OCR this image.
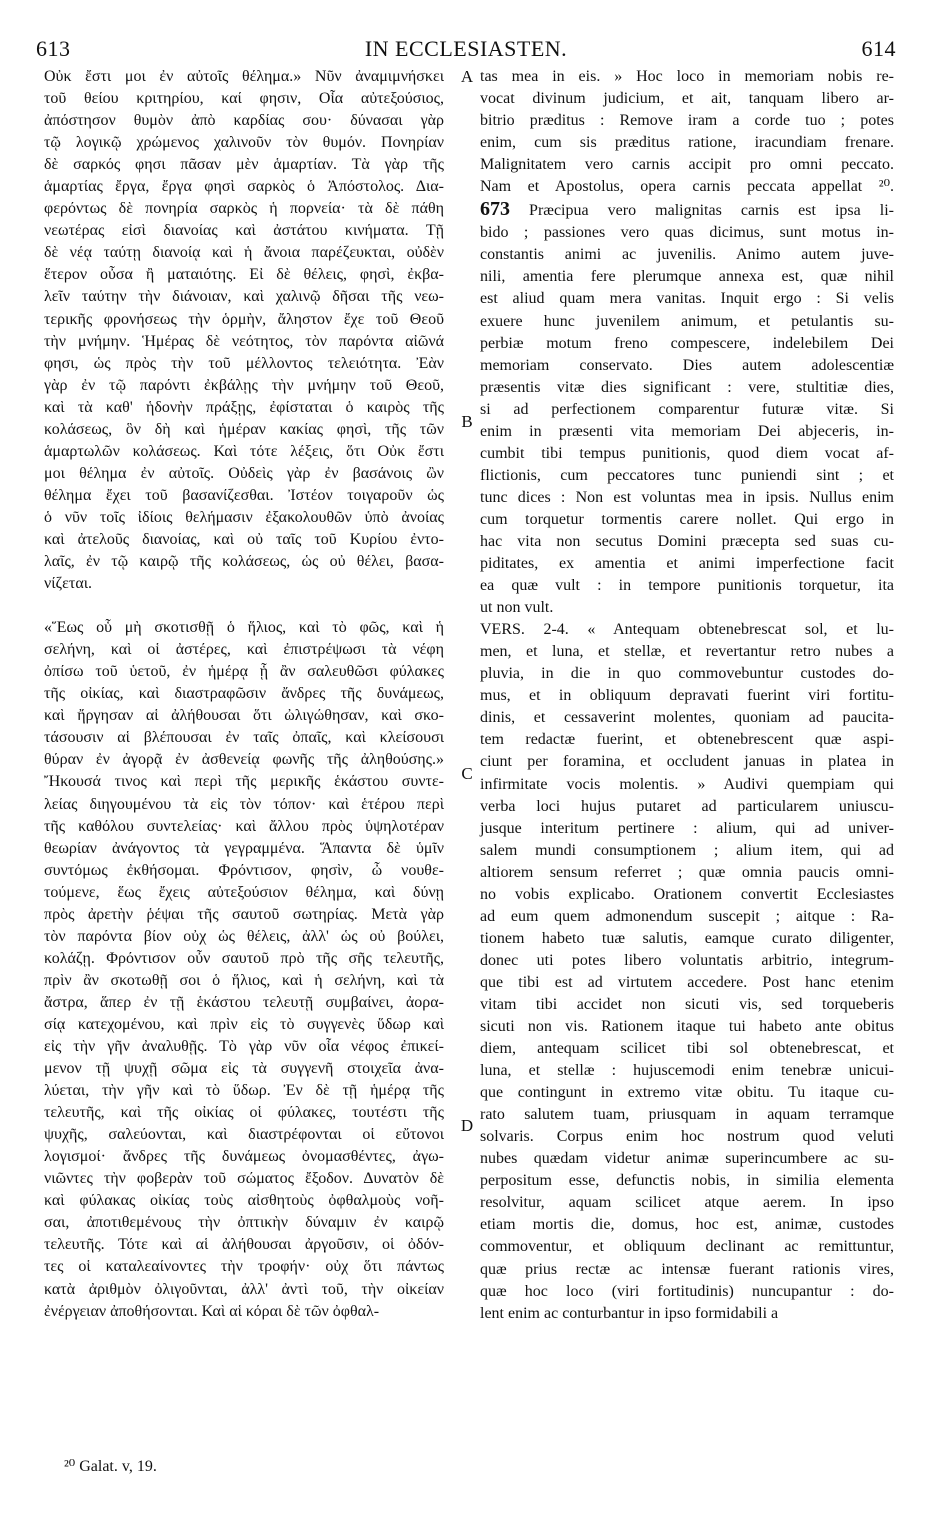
613	IN ECCLESIASTEN.	614
Οὐκ ἔστι μοι ἐν αὐτοῖς θέλημα.» Νῦν ἀναμιμνήσκει
τοῦ θείου κριτηρίου, καί φησιν, Οἷα αὐτεξούσιος,
ἀπόστησον θυμὸν ἀπὸ καρδίας σου· δύνασαι γὰρ
τῷ λογικῷ χρώμενος χαλινοῦν τὸν θυμόν. Πονηρίαν
δὲ σαρκός φησι πᾶσαν μὲν ἁμαρτίαν. Τὰ γὰρ τῆς
ἁμαρτίας ἔργα, ἔργα φησὶ σαρκὸς ὁ Ἀπόστολος. Δια-
φερόντως δὲ πονηρία σαρκὸς ἡ πορνεία· τὰ δὲ πάθη
νεωτέρας εἰσὶ διανοίας καὶ ἀστάτου κινήματα. Τῇ
δὲ νέᾳ ταύτῃ διανοίᾳ καὶ ἡ ἄνοια παρέζευκται, οὐδὲν
ἕτερον οὖσα ἢ ματαιότης. Εἰ δὲ θέλεις, φησὶ, ἐκβα-
λεῖν ταύτην τὴν διάνοιαν, καὶ χαλινῷ δῆσαι τῆς νεω-
τερικῆς φρονήσεως τὴν ὁρμὴν, ἄληστον ἔχε τοῦ Θεοῦ
τὴν μνήμην. Ἡμέρας δὲ νεότητος, τὸν παρόντα αἰῶνά
φησι, ὡς πρὸς τὴν τοῦ μέλλοντος τελειότητα. Ἐὰν
γὰρ ἐν τῷ παρόντι ἐκβάλῃς τὴν μνήμην τοῦ Θεοῦ,
καὶ τὰ καθ' ἡδονὴν πράξῃς, ἐφίσταται ὁ καιρὸς τῆς
κολάσεως, ὃν δὴ καὶ ἡμέραν κακίας φησὶ, τῆς τῶν
ἁμαρτωλῶν κολάσεως. Καὶ τότε λέξεις, ὅτι Οὐκ ἔστι
μοι θέλημα ἐν αὐτοῖς. Οὐδεὶς γὰρ ἐν βασάνοις ὢν
θέλημα ἔχει τοῦ βασανίζεσθαι. Ἰστέον τοιγαροῦν ὡς
ὁ νῦν τοῖς ἰδίοις θελήμασιν ἐξακολουθῶν ὑπὸ ἀνοίας
καὶ ἀτελοῦς διανοίας, καὶ οὐ ταῖς τοῦ Κυρίου ἐντο-
λαῖς, ἐν τῷ καιρῷ τῆς κολάσεως, ὡς οὐ θέλει, βασα-
νίζεται.
«Ἕως οὗ μὴ σκοτισθῇ ὁ ἥλιος, καὶ τὸ φῶς, καὶ ἡ
σελήνη, καὶ οἱ ἀστέρες, καὶ ἐπιστρέψωσι τὰ νέφη
ὀπίσω τοῦ ὑετοῦ, ἐν ἡμέρᾳ ᾗ ἂν σαλευθῶσι φύλακες
τῆς οἰκίας, καὶ διαστραφῶσιν ἄνδρες τῆς δυνάμεως,
καὶ ἤργησαν αἱ ἀλήθουσαι ὅτι ὠλιγώθησαν, καὶ σκο-
τάσουσιν αἱ βλέπουσαι ἐν ταῖς ὀπαῖς, καὶ κλείσουσι
θύραν ἐν ἀγορᾷ ἐν ἀσθενείᾳ φωνῆς τῆς ἀληθούσης.»
Ἤκουσά τινος καὶ περὶ τῆς μερικῆς ἑκάστου συντε-
λείας διηγουμένου τὰ εἰς τὸν τόπον· καὶ ἑτέρου περὶ
τῆς καθόλου συντελείας· καὶ ἄλλου πρὸς ὑψηλοτέραν
θεωρίαν ἀνάγοντος τὰ γεγραμμένα. Ἅπαντα δὲ ὑμῖν
συντόμως ἐκθήσομαι. Φρόντισον, φησὶν, ὦ νουθε-
τούμενε, ἕως ἔχεις αὐτεξούσιον θέλημα, καὶ δύνῃ
πρὸς ἀρετὴν ῥέψαι τῆς σαυτοῦ σωτηρίας. Μετὰ γὰρ
τὸν παρόντα βίον οὐχ ὡς θέλεις, ἀλλ' ὡς οὐ βούλει,
κολάζῃ. Φρόντισον οὖν σαυτοῦ πρὸ τῆς σῆς τελευτῆς,
πρὶν ἂν σκοτωθῇ σοι ὁ ἥλιος, καὶ ἡ σελήνη, καὶ τὰ
ἄστρα, ἅπερ ἐν τῇ ἑκάστου τελευτῇ συμβαίνει, ἀορα-
σίᾳ κατεχομένου, καὶ πρὶν εἰς τὸ συγγενὲς ὕδωρ καὶ
εἰς τὴν γῆν ἀναλυθῇς. Τὸ γὰρ νῦν οἷα νέφος ἐπικεί-
μενον τῇ ψυχῇ σῶμα εἰς τὰ συγγενῆ στοιχεῖα ἀνα-
λύεται, τὴν γῆν καὶ τὸ ὕδωρ. Ἐν δὲ τῇ ἡμέρᾳ τῆς
τελευτῆς, καὶ τῆς οἰκίας οἱ φύλακες, τουτέστι τῆς
ψυχῆς, σαλεύονται, καὶ διαστρέφονται οἱ εὔτονοι
λογισμοί· ἄνδρες τῆς δυνάμεως ὀνομασθέντες, ἀγω-
νιῶντες τὴν φοβερὰν τοῦ σώματος ἔξοδον. Δυνατὸν δὲ
καὶ φύλακας οἰκίας τοὺς αἰσθητοὺς ὀφθαλμοὺς νοῆ-
σαι, ἀποτιθεμένους τὴν ὀπτικὴν δύναμιν ἐν καιρῷ
τελευτῆς. Τότε καὶ αἱ ἀλήθουσαι ἀργοῦσιν, οἱ ὀδόν-
τες οἱ καταλεαίνοντες τὴν τροφήν· οὐχ ὅτι πάντως
κατὰ ἀριθμὸν ὀλιγοῦνται, ἀλλ' ἀντὶ τοῦ, τὴν οἰκείαν
ἐνέργειαν ἀποθήσονται. Καὶ αἱ κόραι δὲ τῶν ὀφθαλ-
tas mea in eis. » Hoc loco in memoriam nobis re-
vocat divinum judicium, et ait, tanquam libero ar-
bitrio præditus : Remove iram a corde tuo ; potes
enim, cum sis præditus ratione, iracundiam frenare.
Malignitatem vero carnis accipit pro omni peccato.
Nam et Apostolus, opera carnis peccata appellat ²⁰.
673 Præcipua vero malignitas carnis est ipsa li-
bido ; passiones vero quas dicimus, sunt motus in-
constantis animi ac juvenilis. Animo autem juve-
nili, amentia fere plerumque annexa est, quæ nihil
est aliud quam mera vanitas. Inquit ergo : Si velis
exuere hunc juvenilem animum, et petulantis su-
perbiæ motum freno compescere, indelebilem Dei
memoriam conservato. Dies autem adolescentiæ
præsentis vitæ dies significant : vere, stultitiæ dies,
si ad perfectionem comparentur futuræ vitæ. Si
enim in præsenti vita memoriam Dei abjeceris, in-
cumbit tibi tempus punitionis, quod diem vocat af-
flictionis, cum peccatores tunc puniendi sint ; et
tunc dices : Non est voluntas mea in ipsis. Nullus enim
cum torquetur tormentis carere nollet. Qui ergo in
hac vita non secutus Domini præcepta sed suas cu-
piditates, ex amentia et animi imperfectione facit
ea quæ vult : in tempore punitionis torquetur, ita
ut non vult.
VERS. 2-4. « Antequam obtenebrescat sol, et lu-
men, et luna, et stellæ, et revertantur retro nubes a
pluvia, in die in quo commovebuntur custodes do-
mus, et in obliquum depravati fuerint viri fortitu-
dinis, et cessaverint molentes, quoniam ad paucita-
tem redactæ fuerint, et obtenebrescent quæ aspi-
ciunt per foramina, et occludent januas in platea in
infirmitate vocis molentis. » Audivi quempiam qui
verba loci hujus putaret ad particularem uniuscu-
jusque interitum pertinere : alium, qui ad univer-
salem mundi consumptionem ; alium item, qui ad
altiorem sensum referret ; quæ omnia paucis omni-
no vobis explicabo. Orationem convertit Ecclesiastes
ad eum quem admonendum suscepit ; aitque : Ra-
tionem habeto tuæ salutis, eamque curato diligenter,
donec uti potes libero voluntatis arbitrio, integrum-
que tibi est ad virtutem accedere. Post hanc etenim
vitam tibi accidet non sicuti vis, sed torqueberis
sicuti non vis. Rationem itaque tui habeto ante obitus
diem, antequam scilicet tibi sol obtenebrescat, et
luna, et stellæ : hujuscemodi enim tenebræ unicui-
que contingunt in extremo vitæ obitu. Tu itaque cu-
rato salutem tuam, priusquam in aquam terramque
solvaris. Corpus enim hoc nostrum quod veluti
nubes quædam videtur animæ superincumbere ac su-
perpositum esse, defunctis nobis, in similia elementa
resolvitur, aquam scilicet atque aerem. In ipso
etiam mortis die, domus, hoc est, animæ, custodes
commoventur, et obliquum declinant ac remittuntur,
quæ prius rectæ ac intensæ fuerant rationis vires,
quæ hoc loco (viri fortitudinis) nuncupantur : do-
lent enim ac conturbantur in ipso formidabili a
A
B
C
D
²⁰ Galat. v, 19.
